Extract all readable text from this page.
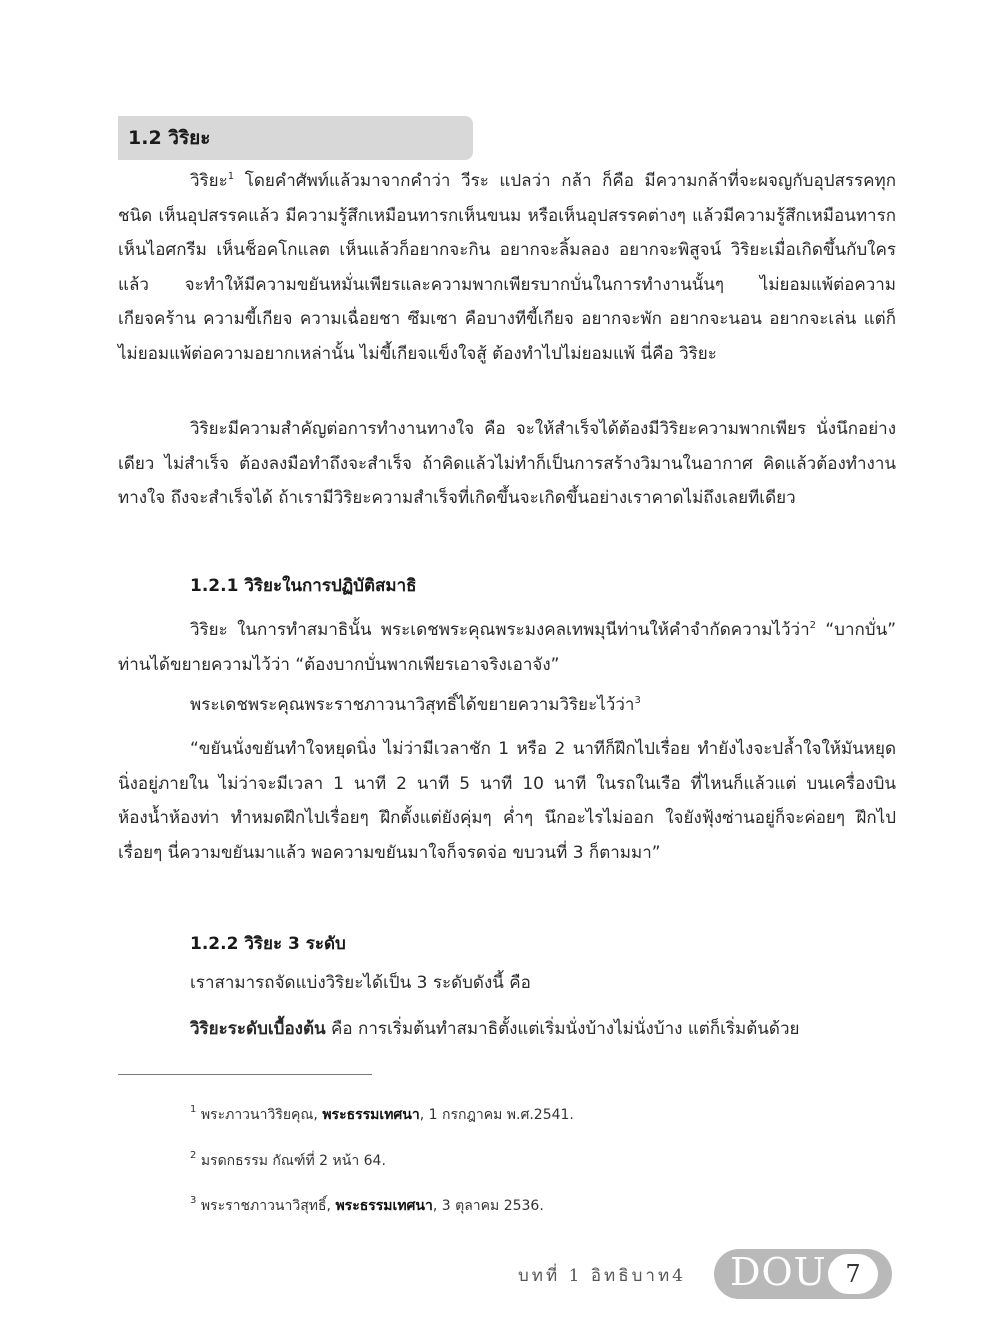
1.2 วิริยะ

วิริยะ$^1$ โดยคำศัพท์แล้วมาจากคำว่า วีระ แปลว่า กล้า ก็คือ มีความกล้าที่จะผจญกับอุปสรรคทุกชนิด เห็นอุปสรรคแล้ว มีความรู้สึกเหมือนทารกเห็นขนม หรือเห็นอุปสรรคต่างๆ แล้วมีความรู้สึกเหมือนทารกเห็นไอศกรีม เห็นช็อคโกแลต เห็นแล้วก็อยากจะกิน อยากจะลิ้มลอง อยากจะพิสูจน์ วิริยะเมื่อเกิดขึ้นกับใครแล้ว จะทำให้มีความขยันหมั่นเพียรและความพากเพียรบากบั่นในการทำงานนั้นๆ ไม่ยอมแพ้ต่อความเกียจคร้าน ความขี้เกียจ ความเฉื่อยชา ซึมเซา คือบางทีขี้เกียจ อยากจะพัก อยากจะนอน อยากจะเล่น แต่ก็ไม่ยอมแพ้ต่อความอยากเหล่านั้น ไม่ขี้เกียจแข็งใจสู้ ต้องทำไปไม่ยอมแพ้ นี่คือ วิริยะ

วิริยะมีความสำคัญต่อการทำงานทางใจ คือ จะให้สำเร็จได้ต้องมีวิริยะความพากเพียร นั่งนึกอย่างเดียว ไม่สำเร็จ ต้องลงมือทำถึงจะสำเร็จ ถ้าคิดแล้วไม่ทำก็เป็นการสร้างวิมานในอากาศ คิดแล้วต้องทำงานทางใจ ถึงจะสำเร็จได้ ถ้าเรามีวิริยะความสำเร็จที่เกิดขึ้นจะเกิดขึ้นอย่างเราคาดไม่ถึงเลยทีเดียว

1.2.1 วิริยะในการปฏิบัติสมาธิ

วิริยะ ในการทำสมาธินั้น พระเดชพระคุณพระมงคลเทพมุนีท่านให้คำจำกัดความไว้ว่า$^2$ “บากบั่น” ท่านได้ขยายความไว้ว่า “ต้องบากบั่นพากเพียรเอาจริงเอาจัง”

พระเดชพระคุณพระราชภาวนาวิสุทธิ์ได้ขยายความวิริยะไว้ว่า$^3$

“ขยันนั่งขยันทำใจหยุดนิ่ง ไม่ว่ามีเวลาชัก 1 หรือ 2 นาทีก็ฝึกไปเรื่อย ทำยังไงจะปล้ำใจให้มันหยุดนิ่งอยู่ภายใน ไม่ว่าจะมีเวลา 1 นาที 2 นาที 5 นาที 10 นาที ในรถในเรือ ที่ไหนก็แล้วแต่ บนเครื่องบิน ห้องน้ำห้องท่า ทำหมดฝึกไปเรื่อยๆ ฝึกตั้งแต่ยังคุ่มๆ ค่ำๆ นึกอะไรไม่ออก ใจยังฟุ้งซ่านอยู่ก็จะค่อยๆ ฝึกไปเรื่อยๆ นี่ความขยันมาแล้ว พอความขยันมาใจก็จรดจ่อ ขบวนที่ 3 ก็ตามมา”

1.2.2 วิริยะ 3 ระดับ

เราสามารถจัดแบ่งวิริยะได้เป็น 3 ระดับดังนี้ คือ

วิริยะระดับเบื้องต้น คือ การเริ่มต้นทำสมาธิตั้งแต่เริ่มนั่งบ้างไม่นั่งบ้าง แต่ก็เริ่มต้นด้วย

$^1$ พระภาวนาวิริยคุณ, พระธรรมเทศนา, 1 กรกฎาคม พ.ศ.2541.
$^2$ มรดกธรรม กัณฑ์ที่ 2 หน้า 64.
$^3$ พระราชภาวนาวิสุทธิ์, พระธรรมเทศนา, 3 ตุลาคม 2536.
บทที่ 1 อิทธิบาท4 DOU 7
